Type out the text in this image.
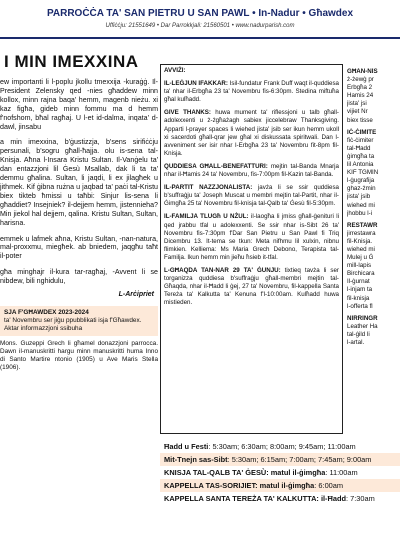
PARROĊĊA TA' SAN PIETRU U SAN PAWL • In-Nadur • Għawdex
Uffiċċju: 21551649 • Dar Parrokkjali: 21560501 • www.nadurparish.com
I MIN IMEXXINA

ew importanti li l-poplu jkollu tmexxija -kuraġġ. Il-President Zelensky qed -nies għaddew minn kollox, minn rajna baqa' hemm, magenb nieżu. xi kaz figħa, gideb minn fommu ma d hemm f'nofshom, bħal ragħaj. U l-et id-dalma, inqata' d-dawl, jinsabu

a min imexxina, b'ġustizzja, b'sens sirifiċċju persunali, b'sogru għall-ħajja. olu is-sena tal-Knisja. Aħna l-Insara Kristu Sultan. Il-Vanġelu ta' dan entazzjoni lil Ġesù Msallab, dak li ta ta' demmu għalina. Sultan, li jaqdi, li ex jilagħek u jithmek. Kif ġibna rużna u jaqbad ta' paċi tal-Kristu biex tikteb ħmissi u taħbi: Sinjur lis-sena li għaddiet? Insejniek? il-dejjem hemm, jistennieha? Min jiekol hal dejjem, qalina. Kristu Sultan, Sultan, harisna.

emmek u lafmek aħna, Kristu Sultan, -nan-natura, mal-proxxmu, miegħek. ab bniedem, jaqgħu taħt il-poter

għa minghajr il-kura tar-ragħaj, -Avvent li se nibdew, bili nghidulu,

L-Arċipriet
SJA F'GĦAWDEX 2023-2024
ta' Novembru ser jiġu ppubblikati isja f'Għawdex. Aktar informazzjoni ssibuha
Mons. Guzeppi Grech li għamel donazzjoni parrocca. Dawn il-manuskritti hargu minn manuskritti huma Inno di Santo Martire ntonio (1905) u Ave Maris Stella (1906).

AVVIŻI:

IL-LEĠJUN IFAKKAR: Isil-fundatur Frank Duff waqt il-quddiesa ta' nhar il-Erbgħa 23 ta' Novembru fis-6:30pm. Stedina miftuħa għal kulħadd.

GIVE THANKS: huwa mument ta' riflessjoni u talb għall-adolexxenti u ż-żgħażagh sabiex jiccelebraw Thanksgiving. Apparti l-prayer spaces li wiehed jista' jsib ser ikun hemm ukoll xi sacerdoti għall-qrar jew għal xi diskussata spiritwali. Dan l-avveniment ser isir nhar l-Erbgħa 23 ta' Novembru fit-8pm fil-Knisja.

QUDDIESA GĦALL-BENEFATTURI: mejtin tal-Banda Mnarja nhar il-Ħamis 24 ta' Novembru, fis-7:00pm fil-Kazin tal-Banda.

IL-PARTIT NAZZJONALISTA: javża li se ssir quddiesa b'suffraġju ta' Joseph Muscat u membri mejtin tal-Partit, nhar il-Ġimgħa 25 ta' Novembru fil-knisja tal-Qalb ta' Ġesù fil-5:30pm.

IL-FAMILJA TLUGħ U NŻUL: il-laogħa li jmiss għall-ġenituri li qed jrabbu tfal u adolexxenti. Se ssir nhar is-Sibt 26 ta' Novembru fis-7:30pm f'Dar San Pietru u San Pawl fi Triq Dicembru 13. It-tema se tkun: Meta nifhmu lil xulxin, nibnu flimkien. Kelliema: Ms Maria Grech Debono, Terapista tal-Familja. Ikun hemm min jieħu ħsieb it-tfal.

L-GĦAQDA TAN-NAR 29 TA' ĠUNJU: tixtieq tavża li ser torganizza quddiesa b'suffraġju għall-membri mejtin tal-Għaqda, nhar il-Ħadd li ġej, 27 ta' Novembru, fil-kappella Santa Tereża ta' Kalkutta ta' Kenuna f'l-10:00am. Kulħadd huwa mistieden.

GĦAN-NIS
ż-żewġ pr
Erbgħa 2
Hamis 24
jista' jsi
vijiet Nr
biex tisse
IĊ-ĊIMITE
fiċ-ċimiter
tal-Ħadd
ġimgħa ta
lil Antonia
KIF TGMIN
l-ġugrafija
ghaz-żmin
jista' jsib
wiehed mi
jhobbu l-i
RESTAWR
jirrestawra
fil-Knisja.
wiehed mi
Mulej u Ġ
mill-lapis
Birchicara
Il-ġurnat
l-injam ta
fil-knisja
l-offerta fl
NIRRINGR
Leather Ha
tal-ġild li
l-artal.
Ħadd u Festi: 5:30am; 6:30am; 8:00am; 9:45am; 11:00am
Mit-Tnejn sas-Sibt: 5:30am; 6:15am; 7:00am; 7:45am; 9:00am
KNISJA TAL-QALB TA' ĠESÙ: matul il-ġimgħa: 11:00am
KAPPELLA TAS-SORIJIET: matul il-ġimgħa: 6:00am
KAPPELLA SANTA TEREŻA TA' KALKUTTA: il-Ħadd: 7:30am
